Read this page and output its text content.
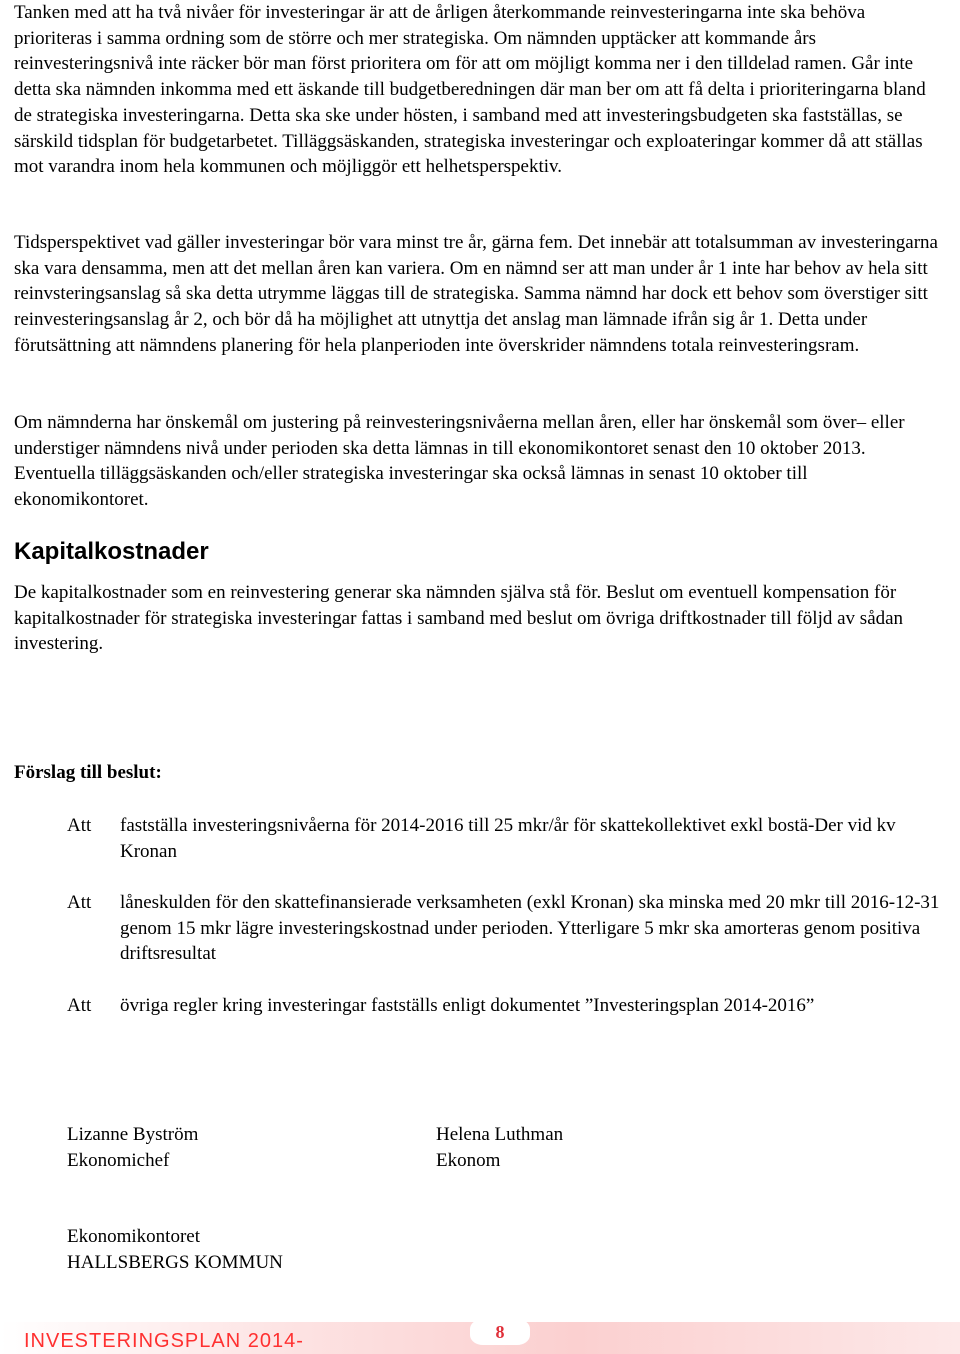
Tanken med att ha två nivåer för investeringar är att de årligen återkommande reinvesteringarna inte ska behöva prioriteras i samma ordning som de större och mer strategiska. Om nämnden upptäcker att kommande års reinvesteringsnivå inte räcker bör man först prioritera om för att om möjligt komma ner i den tilldelad ramen. Går inte detta ska nämnden inkomma med ett äskande till budgetberedningen där man ber om att få delta i prioriteringarna bland de strategiska investeringarna. Detta ska ske under hösten, i samband med att investeringsbudgeten ska fastställas, se särskild tidsplan för budgetarbetet. Tilläggsäskanden, strategiska investeringar och exploateringar kommer då att ställas mot varandra inom hela kommunen och möjliggör ett helhetsperspektiv.

Tidsperspektivet vad gäller investeringar bör vara minst tre år, gärna fem. Det innebär att totalsumman av investeringarna ska vara densamma, men att det mellan åren kan variera. Om en nämnd ser att man under år 1 inte har behov av hela sitt reinvsteringsanslag så ska detta utrymme läggas till de strategiska. Samma nämnd har dock ett behov som överstiger sitt reinvesteringsanslag år 2, och bör då ha möjlighet att utnyttja det anslag man lämnade ifrån sig år 1. Detta under förutsättning att nämndens planering för hela planperioden inte överskrider nämndens totala reinvesteringsram.

Om nämnderna har önskemål om justering på reinvesteringsnivåerna mellan åren, eller har önskemål som över– eller understiger nämndens nivå under perioden ska detta lämnas in till ekonomikontoret senast den 10 oktober 2013. Eventuella tilläggsäskanden och/eller strategiska investeringar ska också lämnas in senast 10 oktober till ekonomikontoret.

Kapitalkostnader

De kapitalkostnader som en reinvestering generar ska nämnden själva stå för. Beslut om eventuell kompensation för kapitalkostnader för strategiska investeringar fattas i samband med beslut om övriga driftkostnader till följd av sådan investering.

Förslag till beslut:
Att fastställa investeringsnivåerna för 2014-2016 till 25 mkr/år för skattekollektivet exkl bostä-Der vid kv Kronan
Att låneskulden för den skattefinansierade verksamheten (exkl Kronan) ska minska med 20 mkr till 2016-12-31 genom 15 mkr lägre investeringskostnad under perioden. Ytterligare 5 mkr ska amorteras genom positiva driftsresultat
Att övriga regler kring investeringar fastställs enligt dokumentet ”Investeringsplan 2014-2016”
Lizanne Byström
Ekonomichef
Helena Luthman
Ekonom
Ekonomikontoret
HALLSBERGS KOMMUN
INVESTERINGSPLAN 2014-	8
